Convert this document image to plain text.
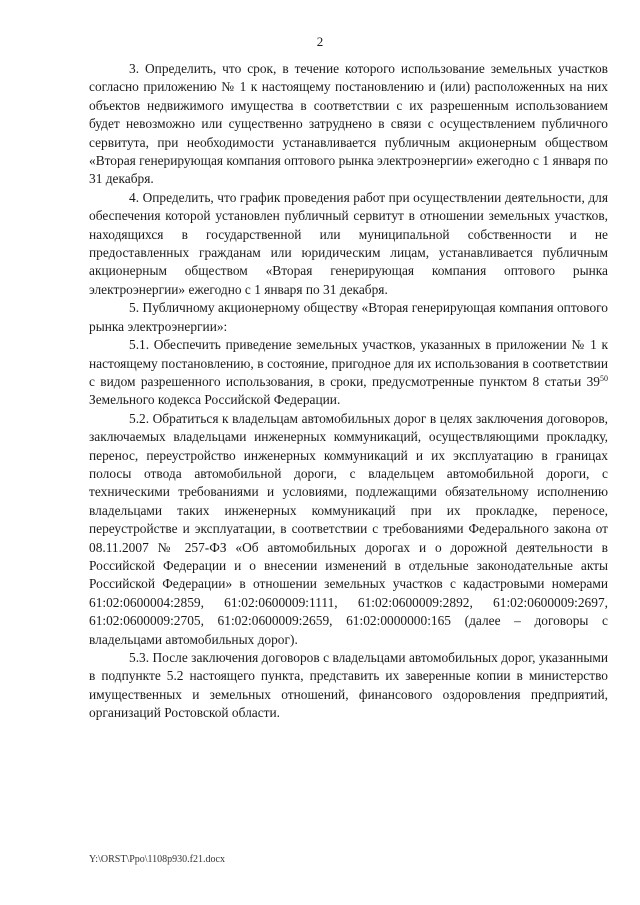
2

3. Определить, что срок, в течение которого использование земельных участков согласно приложению № 1 к настоящему постановлению и (или) расположенных на них объектов недвижимого имущества в соответствии с их разрешенным использованием будет невозможно или существенно затруднено в связи с осуществлением публичного сервитута, при необходимости устанавливается публичным акционерным обществом «Вторая генерирующая компания оптового рынка электроэнергии» ежегодно с 1 января по 31 декабря.

4. Определить, что график проведения работ при осуществлении деятельности, для обеспечения которой установлен публичный сервитут в отношении земельных участков, находящихся в государственной или муниципальной собственности и не предоставленных гражданам или юридическим лицам, устанавливается публичным акционерным обществом «Вторая генерирующая компания оптового рынка электроэнергии» ежегодно с 1 января по 31 декабря.

5. Публичному акционерному обществу «Вторая генерирующая компания оптового рынка электроэнергии»:

5.1. Обеспечить приведение земельных участков, указанных в приложении № 1 к настоящему постановлению, в состояние, пригодное для их использования в соответствии с видом разрешенного использования, в сроки, предусмотренные пунктом 8 статьи $39^{50}$ Земельного кодекса Российской Федерации.

5.2. Обратиться к владельцам автомобильных дорог в целях заключения договоров, заключаемых владельцами инженерных коммуникаций, осуществляющими прокладку, перенос, переустройство инженерных коммуникаций и их эксплуатацию в границах полосы отвода автомобильной дороги, с владельцем автомобильной дороги, с техническими требованиями и условиями, подлежащими обязательному исполнению владельцами таких инженерных коммуникаций при их прокладке, переносе, переустройстве и эксплуатации, в соответствии с требованиями Федерального закона от 08.11.2007 № 257-ФЗ «Об автомобильных дорогах и о дорожной деятельности в Российской Федерации и о внесении изменений в отдельные законодательные акты Российской Федерации» в отношении земельных участков с кадастровыми номерами 61:02:0600004:2859, 61:02:0600009:1111, 61:02:0600009:2892, 61:02:0600009:2697, 61:02:0600009:2705, 61:02:0600009:2659, 61:02:0000000:165 (далее – договоры с владельцами автомобильных дорог).

5.3. После заключения договоров с владельцами автомобильных дорог, указанными в подпункте 5.2 настоящего пункта, представить их заверенные копии в министерство имущественных и земельных отношений, финансового оздоровления предприятий, организаций Ростовской области.

Y:\ORST\Ppo\1108p930.f21.docx
